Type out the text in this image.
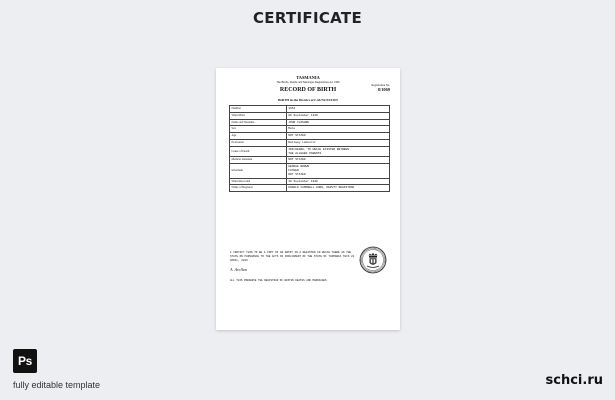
CERTIFICATE
TASMANIA
The Births, Deaths and Marriages Registration Act 1999
RECORD OF BIRTH
BIRTH in the District of LAUNCESTON
Registration No.
8/1069
Number	4854
When Died	06 September 1949
Name and Surname	JOHN CLOSURE
Sex	Male
Age	NOT STATED
Profession	Railway Labourer
Cause of Death	INFLUENZA, TO WHICH EXISTED BETWEEN
THE ALLEGED PARENTS
Medical attendant	NOT STATED
Informant	GEORGE BROWN
FATHER
NOT STATED
When Recorded	30 September 1949
Name of Registrar	DONALD CAMPBELL GUNN, DEPUTY REGISTRAR
I CERTIFY THIS TO BE A COPY OF AN ENTRY IN A REGISTER IN WHICH THERE IS THE STATE ON PURSUANCE TO THE ACTS OF PARLIAMENT OF THE STATE OF TASMANIA THIS 22 APRIL, 2019
A. Arellan
ALL THIS PRESERVE THE REGISTRAR OF BIRTHS DEATHS AND MARRIAGES
Ps
fully editable template	schci.ru
